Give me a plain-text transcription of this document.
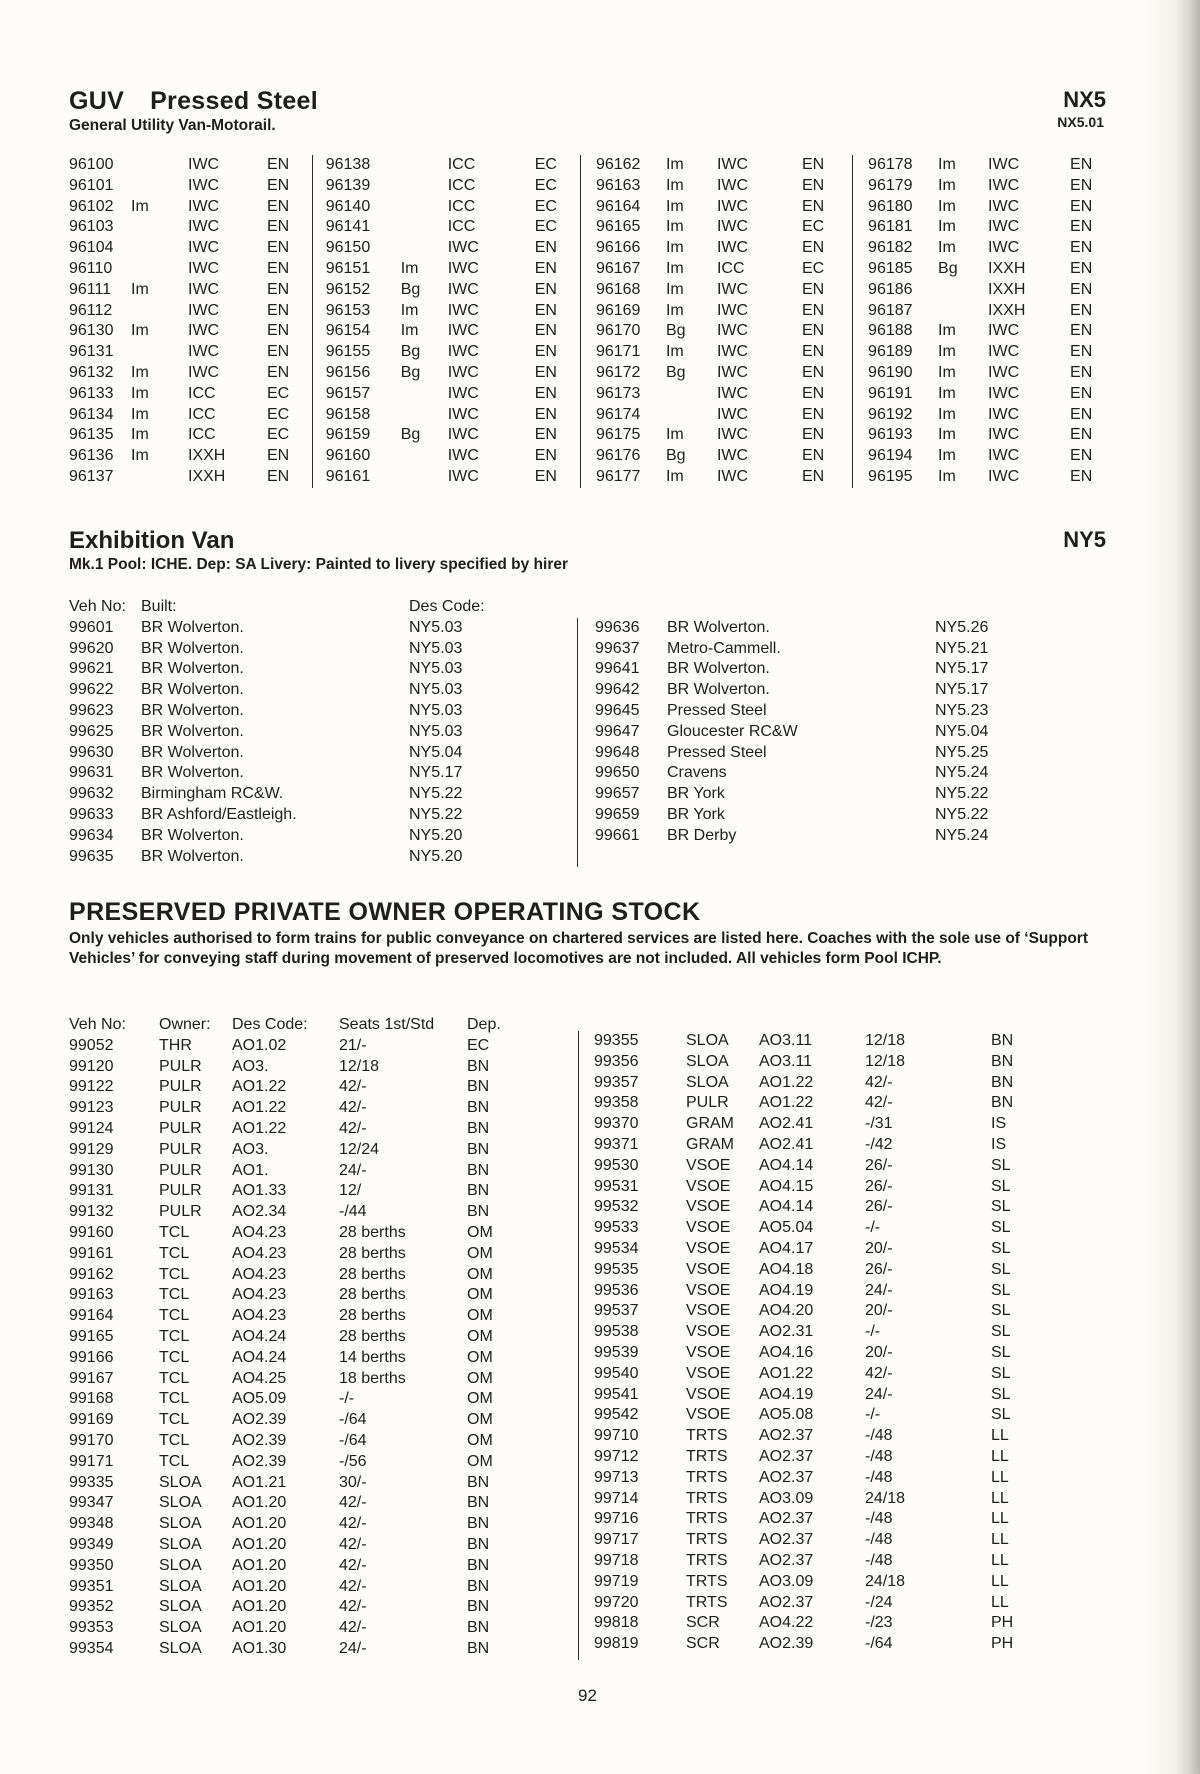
GUV Pressed Steel
General Utility Van-Motorail.
NX5
NX5.01
96100	IWC	EN
96101	IWC	EN
96102	Im	IWC	EN
96103	IWC	EN
96104	IWC	EN
96110	IWC	EN
96111	Im	IWC	EN
96112	IWC	EN
96130	Im	IWC	EN
96131	IWC	EN
96132	Im	IWC	EN
96133	Im	ICC	EC
96134	Im	ICC	EC
96135	Im	ICC	EC
96136	Im	IXXH	EN
96137	IXXH	EN
96138	ICC	EC
96139	ICC	EC
96140	ICC	EC
96141	ICC	EC
96150	IWC	EN
96151	Im	IWC	EN
96152	Bg	IWC	EN
96153	Im	IWC	EN
96154	Im	IWC	EN
96155	Bg	IWC	EN
96156	Bg	IWC	EN
96157	IWC	EN
96158	IWC	EN
96159	Bg	IWC	EN
96160	IWC	EN
96161	IWC	EN
96162	Im	IWC	EN
96163	Im	IWC	EN
96164	Im	IWC	EN
96165	Im	IWC	EC
96166	Im	IWC	EN
96167	Im	ICC	EC
96168	Im	IWC	EN
96169	Im	IWC	EN
96170	Bg	IWC	EN
96171	Im	IWC	EN
96172	Bg	IWC	EN
96173	IWC	EN
96174	IWC	EN
96175	Im	IWC	EN
96176	Bg	IWC	EN
96177	Im	IWC	EN
96178	Im	IWC	EN
96179	Im	IWC	EN
96180	Im	IWC	EN
96181	Im	IWC	EN
96182	Im	IWC	EN
96185	Bg	IXXH	EN
96186	IXXH	EN
96187	IXXH	EN
96188	Im	IWC	EN
96189	Im	IWC	EN
96190	Im	IWC	EN
96191	Im	IWC	EN
96192	Im	IWC	EN
96193	Im	IWC	EN
96194	Im	IWC	EN
96195	Im	IWC	EN
Exhibition Van
Mk.1 Pool: ICHE. Dep: SA Livery: Painted to livery specified by hirer
NY5
Veh No: Built:	Des Code:
99601	BR Wolverton.	NY5.03
99620	BR Wolverton.	NY5.03
99621	BR Wolverton.	NY5.03
99622	BR Wolverton.	NY5.03
99623	BR Wolverton.	NY5.03
99625	BR Wolverton.	NY5.03
99630	BR Wolverton.	NY5.04
99631	BR Wolverton.	NY5.17
99632	Birmingham RC&W.	NY5.22
99633	BR Ashford/Eastleigh.	NY5.22
99634	BR Wolverton.	NY5.20
99635	BR Wolverton.	NY5.20
99636	BR Wolverton.	NY5.26
99637	Metro-Cammell.	NY5.21
99641	BR Wolverton.	NY5.17
99642	BR Wolverton.	NY5.17
99645	Pressed Steel	NY5.23
99647	Gloucester RC&W	NY5.04
99648	Pressed Steel	NY5.25
99650	Cravens	NY5.24
99657	BR York	NY5.22
99659	BR York	NY5.22
99661	BR Derby	NY5.24
PRESERVED PRIVATE OWNER OPERATING STOCK
Only vehicles authorised to form trains for public conveyance on chartered services are listed here. Coaches with the sole use of ‘Support Vehicles’ for conveying staff during movement of preserved locomotives are not included. All vehicles form Pool ICHP.
Veh No:	Owner:	Des Code:	Seats 1st/Std	Dep.
99052	THR	AO1.02	21/-	EC
99120	PULR	AO3.	12/18	BN
99122	PULR	AO1.22	42/-	BN
99123	PULR	AO1.22	42/-	BN
99124	PULR	AO1.22	42/-	BN
99129	PULR	AO3.	12/24	BN
99130	PULR	AO1.	24/-	BN
99131	PULR	AO1.33	12/	BN
99132	PULR	AO2.34	-/44	BN
99160	TCL	AO4.23	28 berths	OM
99161	TCL	AO4.23	28 berths	OM
99162	TCL	AO4.23	28 berths	OM
99163	TCL	AO4.23	28 berths	OM
99164	TCL	AO4.23	28 berths	OM
99165	TCL	AO4.24	28 berths	OM
99166	TCL	AO4.24	14 berths	OM
99167	TCL	AO4.25	18 berths	OM
99168	TCL	AO5.09	-/-	OM
99169	TCL	AO2.39	-/64	OM
99170	TCL	AO2.39	-/64	OM
99171	TCL	AO2.39	-/56	OM
99335	SLOA	AO1.21	30/-	BN
99347	SLOA	AO1.20	42/-	BN
99348	SLOA	AO1.20	42/-	BN
99349	SLOA	AO1.20	42/-	BN
99350	SLOA	AO1.20	42/-	BN
99351	SLOA	AO1.20	42/-	BN
99352	SLOA	AO1.20	42/-	BN
99353	SLOA	AO1.20	42/-	BN
99354	SLOA	AO1.30	24/-	BN
99355	SLOA	AO3.11	12/18	BN
99356	SLOA	AO3.11	12/18	BN
99357	SLOA	AO1.22	42/-	BN
99358	PULR	AO1.22	42/-	BN
99370	GRAM	AO2.41	-/31	IS
99371	GRAM	AO2.41	-/42	IS
99530	VSOE	AO4.14	26/-	SL
99531	VSOE	AO4.15	26/-	SL
99532	VSOE	AO4.14	26/-	SL
99533	VSOE	AO5.04	-/-	SL
99534	VSOE	AO4.17	20/-	SL
99535	VSOE	AO4.18	26/-	SL
99536	VSOE	AO4.19	24/-	SL
99537	VSOE	AO4.20	20/-	SL
99538	VSOE	AO2.31	-/-	SL
99539	VSOE	AO4.16	20/-	SL
99540	VSOE	AO1.22	42/-	SL
99541	VSOE	AO4.19	24/-	SL
99542	VSOE	AO5.08	-/-	SL
99710	TRTS	AO2.37	-/48	LL
99712	TRTS	AO2.37	-/48	LL
99713	TRTS	AO2.37	-/48	LL
99714	TRTS	AO3.09	24/18	LL
99716	TRTS	AO2.37	-/48	LL
99717	TRTS	AO2.37	-/48	LL
99718	TRTS	AO2.37	-/48	LL
99719	TRTS	AO3.09	24/18	LL
99720	TRTS	AO2.37	-/24	LL
99818	SCR	AO4.22	-/23	PH
99819	SCR	AO2.39	-/64	PH
92
